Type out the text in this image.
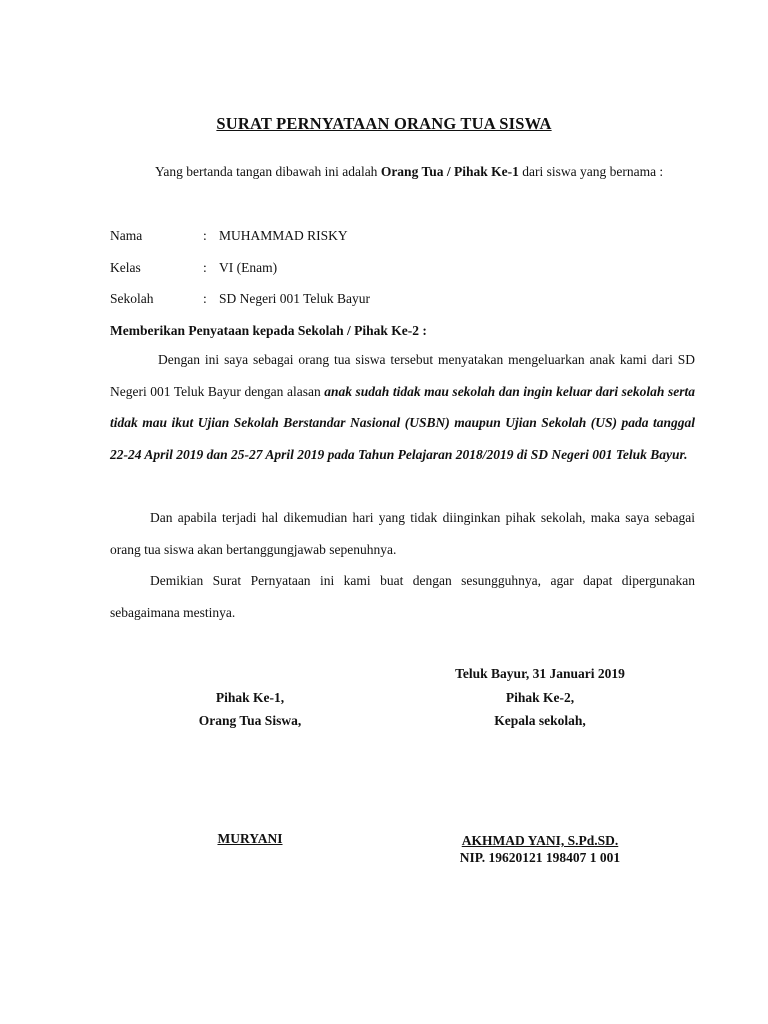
SURAT PERNYATAAN ORANG TUA SISWA

Yang bertanda tangan dibawah ini adalah Orang Tua / Pihak Ke-1 dari siswa yang bernama :

Nama	: MUHAMMAD RISKY
Kelas	: VI (Enam)
Sekolah	: SD Negeri 001 Teluk Bayur
Memberikan Penyataan kepada Sekolah / Pihak Ke-2 :

Dengan ini saya sebagai orang tua siswa tersebut menyatakan mengeluarkan anak kami dari SD Negeri 001 Teluk Bayur dengan alasan anak sudah tidak mau sekolah dan ingin keluar dari sekolah serta tidak mau ikut Ujian Sekolah Berstandar Nasional (USBN) maupun Ujian Sekolah (US) pada tanggal 22-24 April 2019 dan 25-27 April 2019 pada Tahun Pelajaran 2018/2019 di SD Negeri 001 Teluk Bayur.

Dan apabila terjadi hal dikemudian hari yang tidak diinginkan pihak sekolah, maka saya sebagai orang tua siswa akan bertanggungjawab sepenuhnya.

Demikian Surat Pernyataan ini kami buat dengan sesungguhnya, agar dapat dipergunakan sebagaimana mestinya.

Teluk Bayur, 31 Januari 2019
Pihak Ke-1,
Orang Tua Siswa,
Pihak Ke-2,
Kepala sekolah,
MURYANI	AKHMAD YANI, S.Pd.SD.
NIP. 19620121 198407 1 001
